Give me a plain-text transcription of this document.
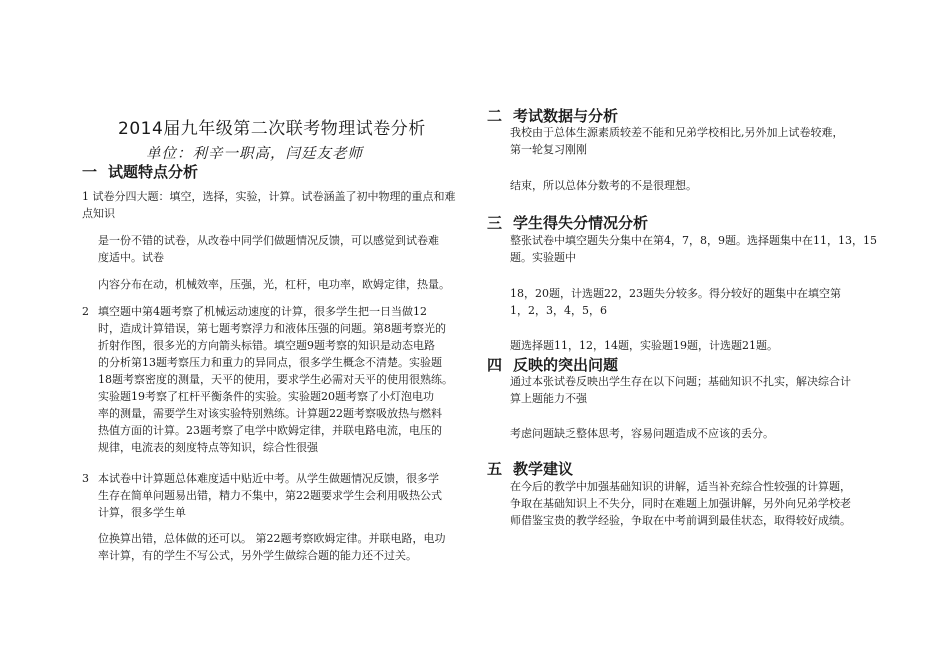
2014届九年级第二次联考物理试卷分析
单位：利辛一职高，闫廷友老师
一 试题特点分析
1 试卷分四大题：填空，选择，实验，计算。试卷涵盖了初中物理的重点和难
点知识
是一份不错的试卷，从改卷中同学们做题情况反馈，可以感觉到试卷难
度适中。试卷
内容分布在动，机械效率，压强，光，杠杆，电功率，欧姆定律，热量。
2 填空题中第4题考察了机械运动速度的计算，很多学生把一日当做12
时，造成计算错误，第七题考察浮力和液体压强的问题。第8题考察光的
折射作图，很多光的方向箭头标错。填空题9题考察的知识是动态电路
的分析第13题考察压力和重力的异同点，很多学生概念不清楚。实验题
18题考察密度的测量，天平的使用，要求学生必需对天平的使用很熟练。
实验题19考察了杠杆平衡条件的实验。实验题20题考察了小灯泡电功
率的测量，需要学生对该实验特别熟练。计算题22题考察吸放热与燃料
热值方面的计算。23题考察了电学中欧姆定律，并联电路电流，电压的
规律，电流表的刻度特点等知识，综合性很强
3 本试卷中计算题总体难度适中贴近中考。从学生做题情况反馈，很多学
生存在简单问题易出错，精力不集中，第22题要求学生会利用吸热公式
计算，很多学生单
位换算出错，总体做的还可以。 第22题考察欧姆定律。并联电路，电功
率计算，有的学生不写公式，另外学生做综合题的能力还不过关。
二 考试数据与分析
我校由于总体生源素质较差不能和兄弟学校相比,另外加上试卷较难，
第一轮复习刚刚
结束，所以总体分数考的不是很理想。
三 学生得失分情况分析
整张试卷中填空题失分集中在第4，7，8，9题。选择题集中在11，13，15
题。实验题中
18，20题，计选题22，23题失分较多。得分较好的题集中在填空第
1，2，3，4，5，6
题选择题11，12，14题，实验题19题，计选题21题。
四 反映的突出问题
通过本张试卷反映出学生存在以下问题；基础知识不扎实，解决综合计
算上题能力不强
考虑问题缺乏整体思考，容易问题造成不应该的丢分。
五 教学建议
在今后的教学中加强基础知识的讲解，适当补充综合性较强的计算题，
争取在基础知识上不失分，同时在难题上加强讲解，另外向兄弟学校老
师借鉴宝贵的教学经验，争取在中考前调到最佳状态，取得较好成绩。
